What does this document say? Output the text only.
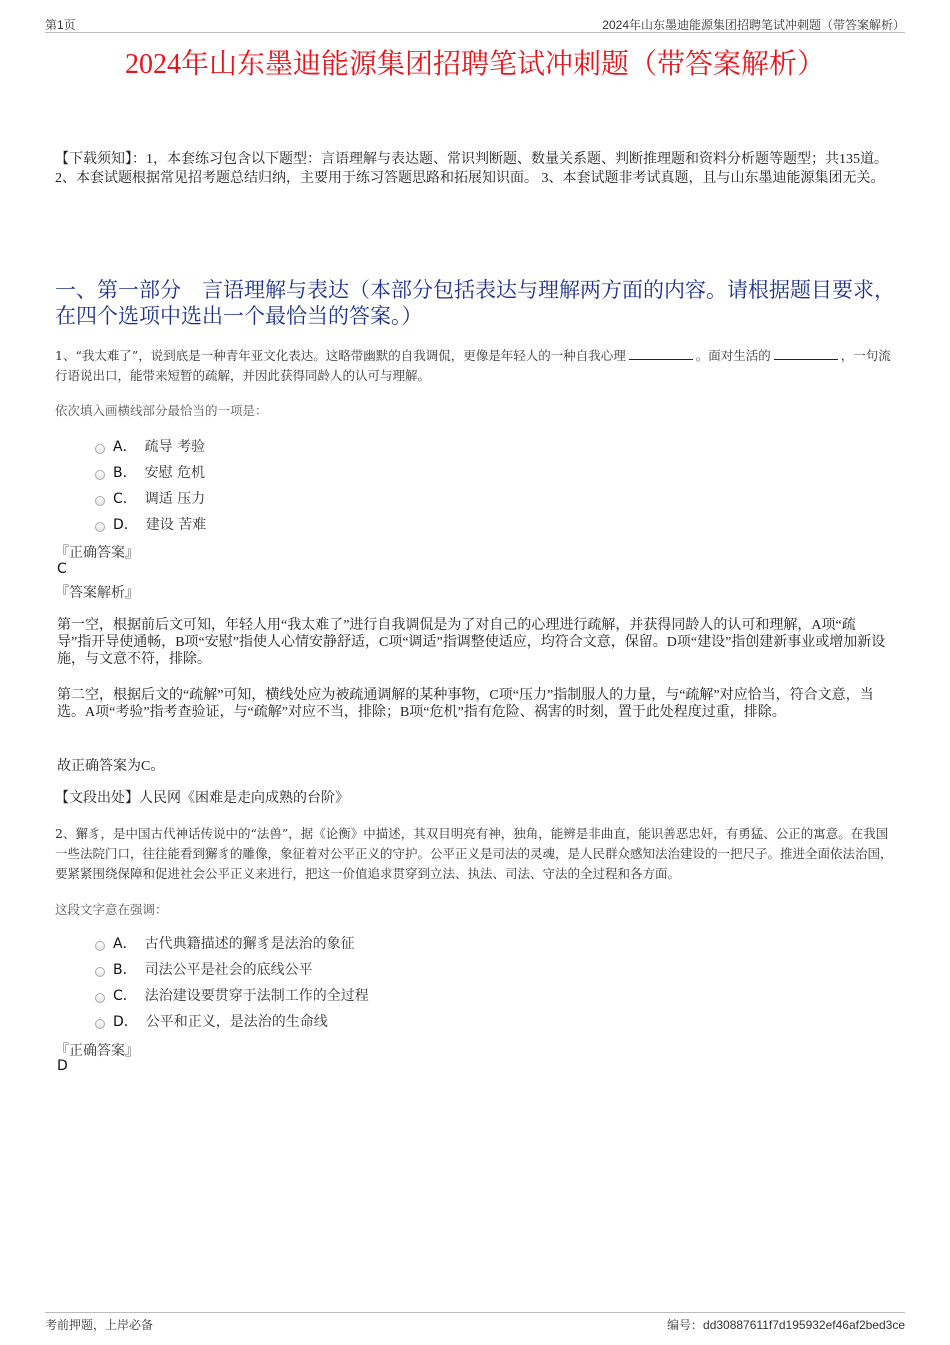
第1页	2024年山东墨迪能源集团招聘笔试冲刺题（带答案解析）
2024年山东墨迪能源集团招聘笔试冲刺题（带答案解析）
【下载须知】：1，本套练习包含以下题型：言语理解与表达题、常识判断题、数量关系题、判断推理题和资料分析题等题型；共135道。 2、本套试题根据常见招考题总结归纳，主要用于练习答题思路和拓展知识面。 3、本套试题非考试真题，且与山东墨迪能源集团无关。
一、第一部分　言语理解与表达（本部分包括表达与理解两方面的内容。请根据题目要求，在四个选项中选出一个最恰当的答案。）
1、“我太难了”，说到底是一种青年亚文化表达。这略带幽默的自我调侃，更像是年轻人的一种自我心理	。面对生活的	，一句流行语说出口，能带来短暂的疏解，并因此获得同龄人的认可与理解。
依次填入画横线部分最恰当的一项是：
A． 疏导 考验
B． 安慰 危机
C． 调适 压力
D． 建设 苦难
『正确答案』
C
『答案解析』
第一空，根据前后文可知，年轻人用“我太难了”进行自我调侃是为了对自己的心理进行疏解，并获得同龄人的认可和理解，A项“疏导”指开导使通畅，B项“安慰”指使人心情安静舒适，C项“调适”指调整使适应，均符合文意，保留。D项“建设”指创建新事业或增加新设施，与文意不符，排除。
第二空，根据后文的“疏解”可知，横线处应为被疏通调解的某种事物，C项“压力”指制服人的力量，与“疏解”对应恰当，符合文意，当选。A项“考验”指考查验证，与“疏解”对应不当，排除；B项“危机”指有危险、祸害的时刻，置于此处程度过重，排除。
故正确答案为C。
【文段出处】人民网《困难是走向成熟的台阶》
2、獬豸，是中国古代神话传说中的“法兽”，据《论衡》中描述，其双目明亮有神，独角，能辨是非曲直，能识善恶忠奸，有勇猛、公正的寓意。在我国一些法院门口，往往能看到獬豸的雕像，象征着对公平正义的守护。公平正义是司法的灵魂，是人民群众感知法治建设的一把尺子。推进全面依法治国，要紧紧围绕保障和促进社会公平正义来进行，把这一价值追求贯穿到立法、执法、司法、守法的全过程和各方面。
这段文字意在强调：
A． 古代典籍描述的獬豸是法治的象征
B． 司法公平是社会的底线公平
C． 法治建设要贯穿于法制工作的全过程
D． 公平和正义，是法治的生命线
『正确答案』
D
考前押题，上岸必备	编号：dd30887611f7d195932ef46af2bed3ce
